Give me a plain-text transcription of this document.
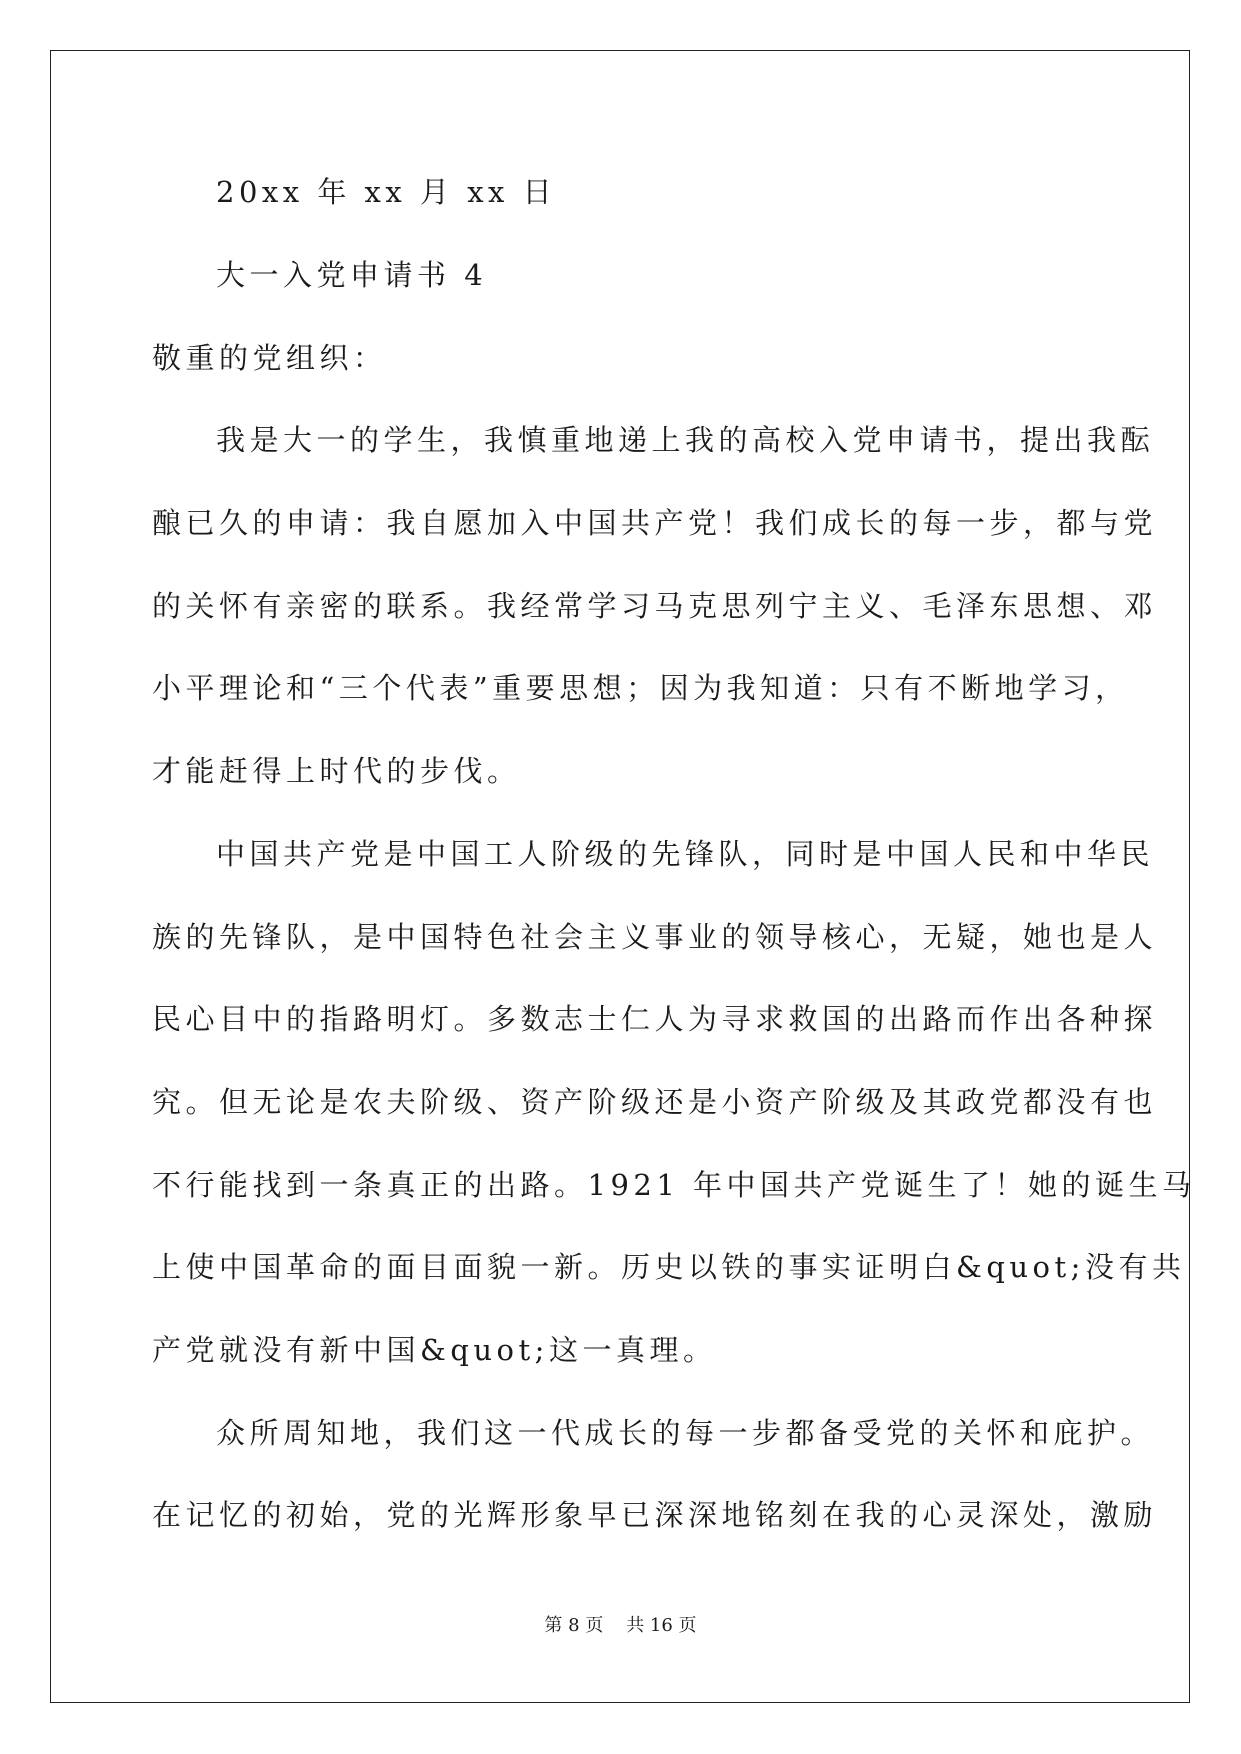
20xx 年 xx 月 xx 日
大一入党申请书 4
敬重的党组织：
我是大一的学生，我慎重地递上我的高校入党申请书，提出我酝
酿已久的申请：我自愿加入中国共产党！我们成长的每一步，都与党
的关怀有亲密的联系。我经常学习马克思列宁主义、毛泽东思想、邓
小平理论和“三个代表”重要思想；因为我知道：只有不断地学习，
才能赶得上时代的步伐。
中国共产党是中国工人阶级的先锋队，同时是中国人民和中华民
族的先锋队，是中国特色社会主义事业的领导核心，无疑，她也是人
民心目中的指路明灯。多数志士仁人为寻求救国的出路而作出各种探
究。但无论是农夫阶级、资产阶级还是小资产阶级及其政党都没有也
不行能找到一条真正的出路。1921 年中国共产党诞生了！她的诞生马
上使中国革命的面目面貌一新。历史以铁的事实证明白&quot;没有共
产党就没有新中国&quot;这一真理。
众所周知地，我们这一代成长的每一步都备受党的关怀和庇护。
在记忆的初始，党的光辉形象早已深深地铭刻在我的心灵深处，激励
第 8 页    共 16 页
